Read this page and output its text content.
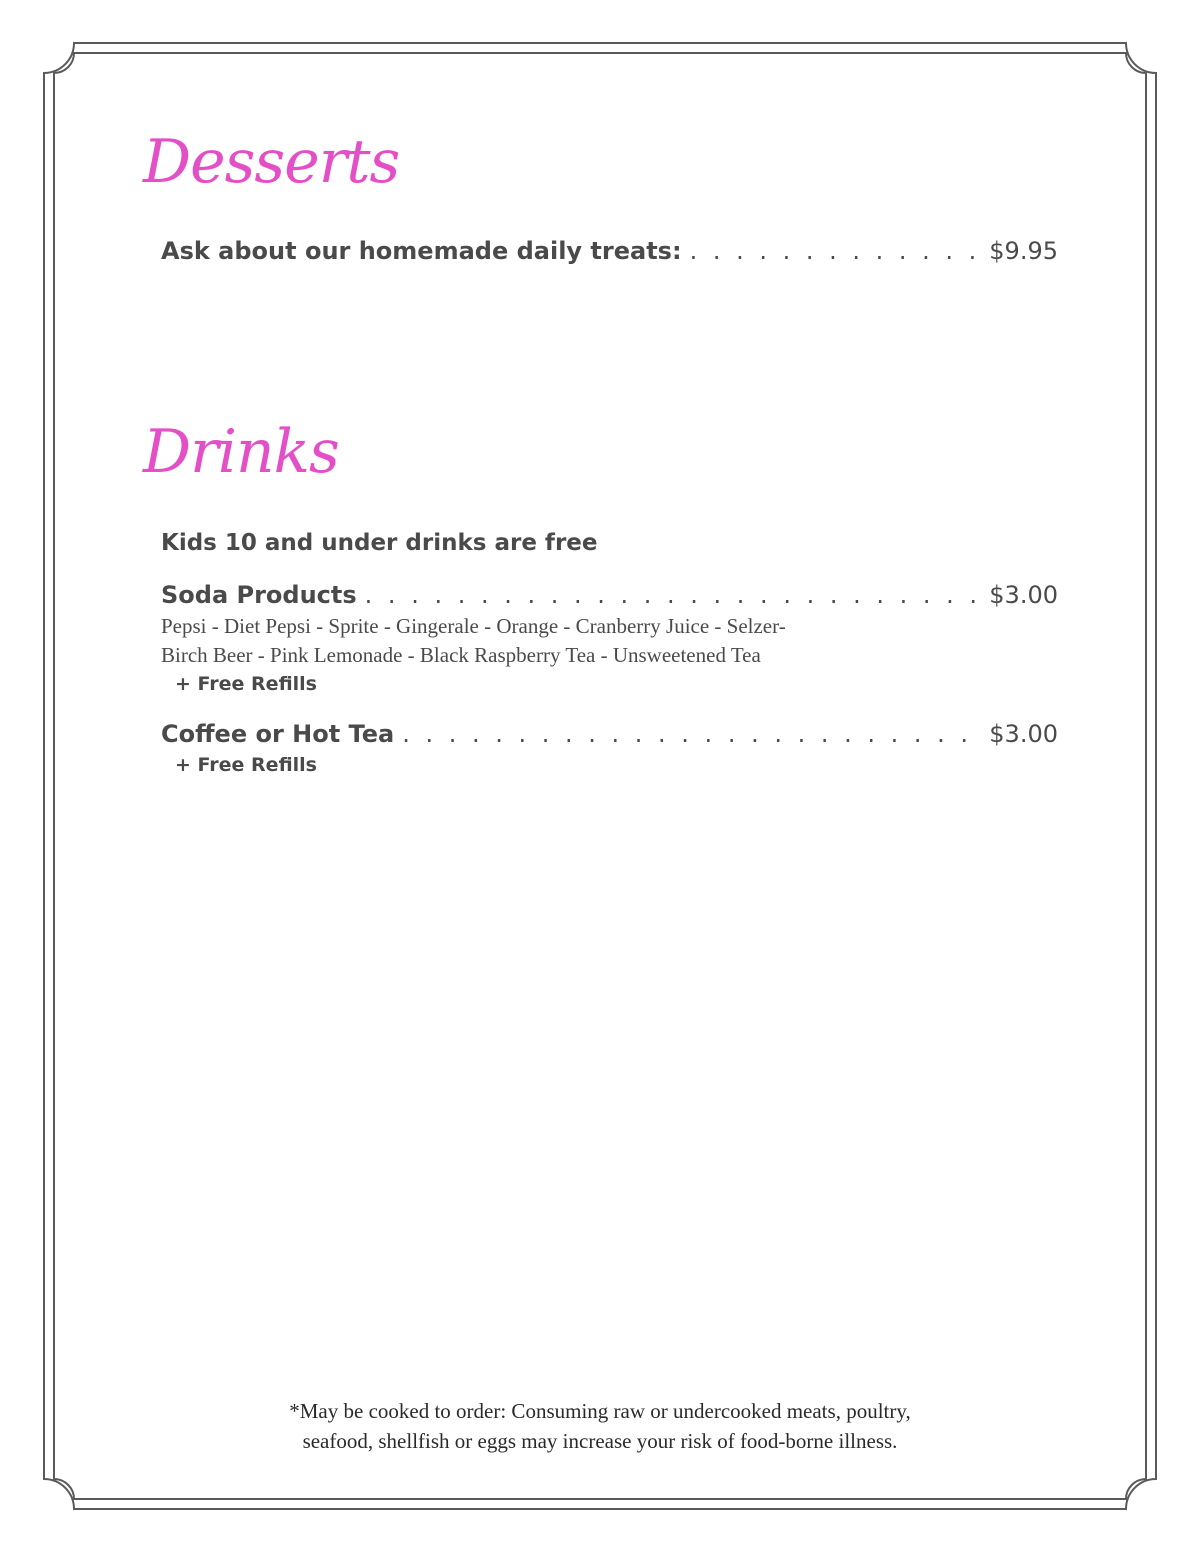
Desserts
Ask about our homemade daily treats: . . .	$9.95
Drinks

Kids 10 and under drinks are free

Soda Products . . .	$3.00

Pepsi - Diet Pepsi - Sprite - Gingerale - Orange - Cranberry Juice - Selzer-

Birch Beer - Pink Lemonade - Black Raspberry Tea - Unsweetened Tea

+ Free Refills

Coffee or Hot Tea . . .	$3.00

+ Free Refills

*May be cooked to order: Consuming raw or undercooked meats, poultry,
seafood, shellfish or eggs may increase your risk of food-borne illness.
